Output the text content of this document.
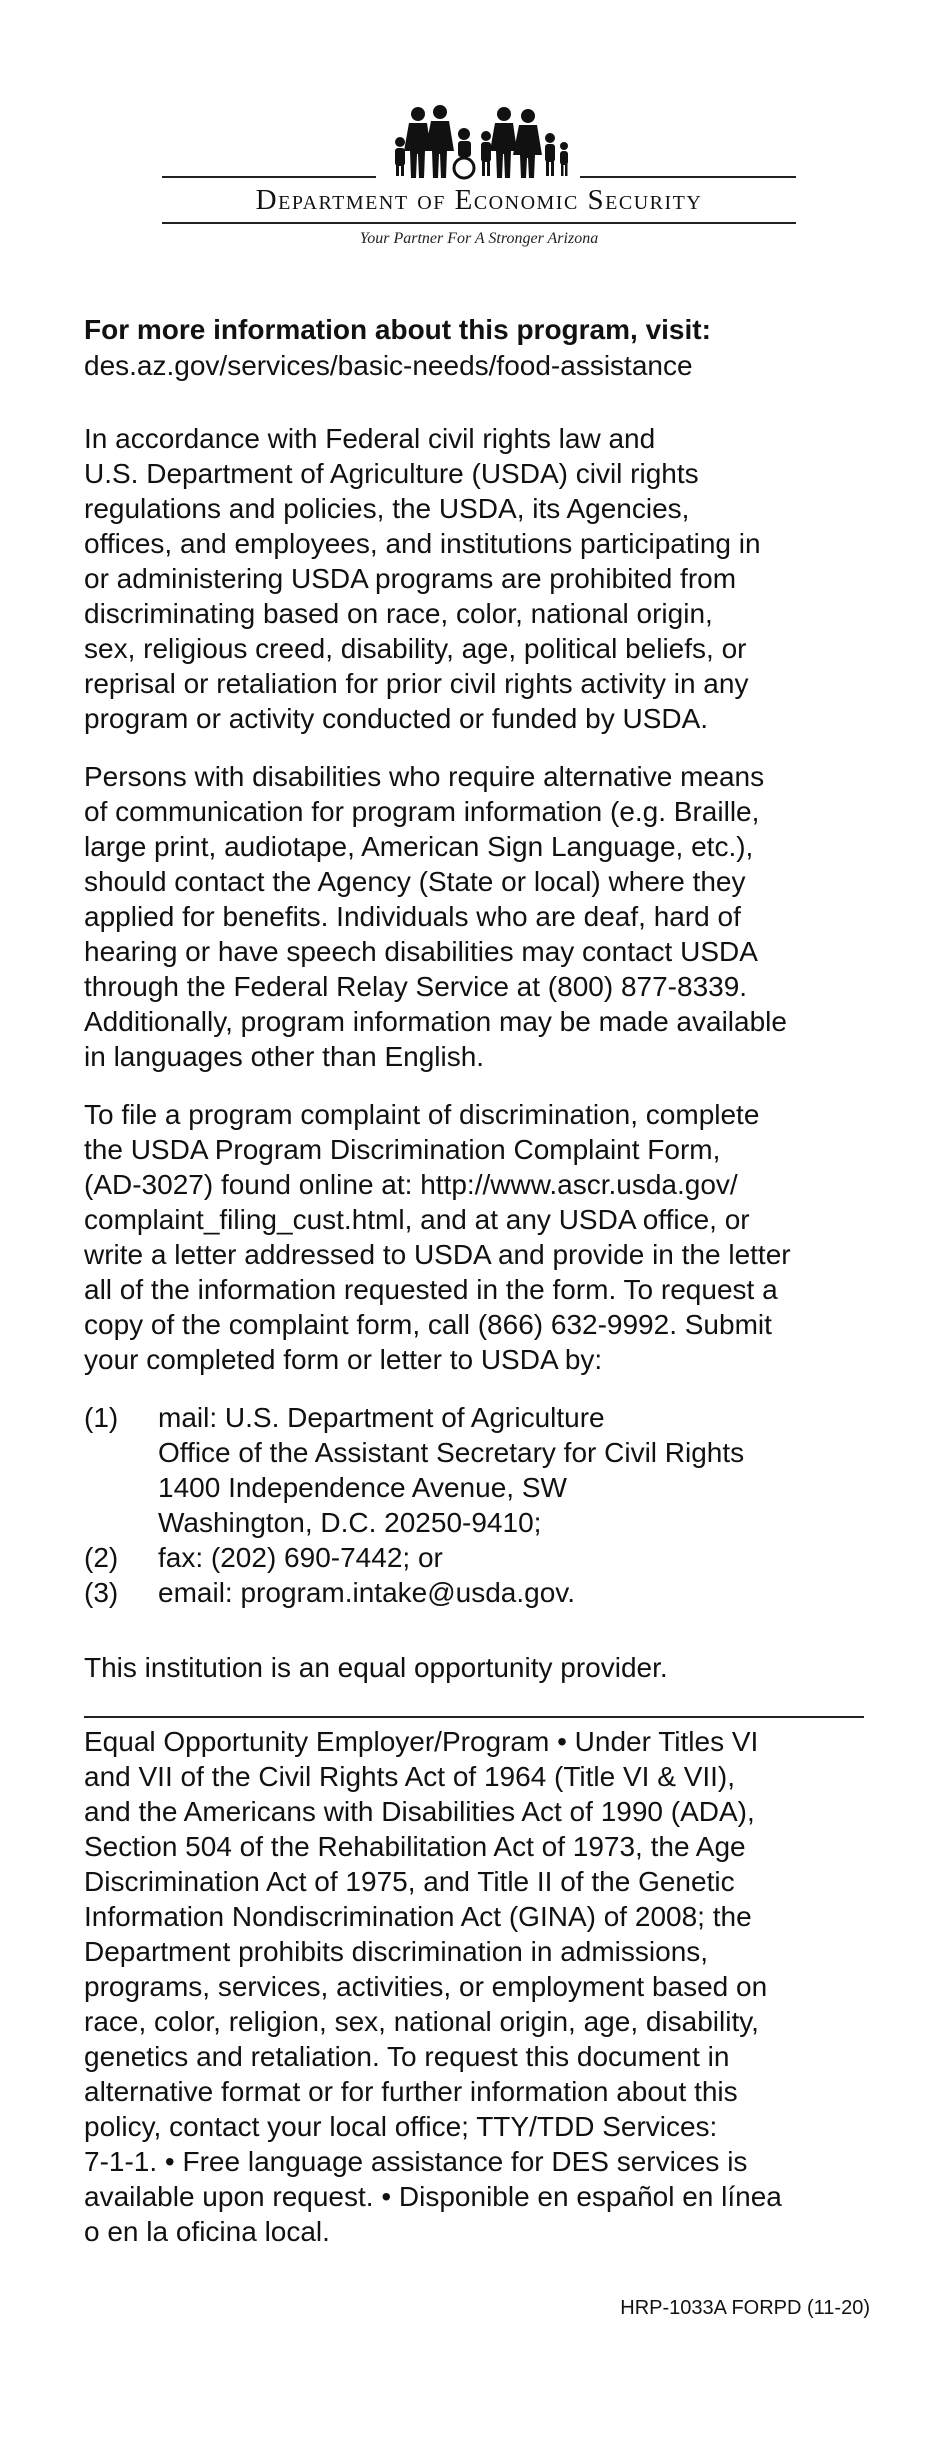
Department of Economic Security
Your Partner For A Stronger Arizona
For more information about this program, visit:
des.az.gov/services/basic-needs/food-assistance
In accordance with Federal civil rights law and
U.S. Department of Agriculture (USDA) civil rights
regulations and policies, the USDA, its Agencies,
offices, and employees, and institutions participating in
or administering USDA programs are prohibited from
discriminating based on race, color, national origin,
sex, religious creed, disability, age, political beliefs, or
reprisal or retaliation for prior civil rights activity in any
program or activity conducted or funded by USDA.
Persons with disabilities who require alternative means
of communication for program information (e.g. Braille,
large print, audiotape, American Sign Language, etc.),
should contact the Agency (State or local) where they
applied for benefits. Individuals who are deaf, hard of
hearing or have speech disabilities may contact USDA
through the Federal Relay Service at (800) 877-8339.
Additionally, program information may be made available
in languages other than English.
To file a program complaint of discrimination, complete
the USDA Program Discrimination Complaint Form,
(AD-3027) found online at: http://www.ascr.usda.gov/
complaint_filing_cust.html, and at any USDA office, or
write a letter addressed to USDA and provide in the letter
all of the information requested in the form. To request a
copy of the complaint form, call (866) 632-9992. Submit
your completed form or letter to USDA by:
(1)	mail: U.S. Department of Agriculture
Office of the Assistant Secretary for Civil Rights
1400 Independence Avenue, SW
Washington, D.C. 20250-9410;
(2)	fax: (202) 690-7442; or
(3)	email: program.intake@usda.gov.
This institution is an equal opportunity provider.
Equal Opportunity Employer/Program • Under Titles VI
and VII of the Civil Rights Act of 1964 (Title VI & VII),
and the Americans with Disabilities Act of 1990 (ADA),
Section 504 of the Rehabilitation Act of 1973, the Age
Discrimination Act of 1975, and Title II of the Genetic
Information Nondiscrimination Act (GINA) of 2008; the
Department prohibits discrimination in admissions,
programs, services, activities, or employment based on
race, color, religion, sex, national origin, age, disability,
genetics and retaliation. To request this document in
alternative format or for further information about this
policy, contact your local office; TTY/TDD Services:
7-1-1. • Free language assistance for DES services is
available upon request. • Disponible en español en línea
o en la oficina local.
HRP-1033A FORPD (11-20)
